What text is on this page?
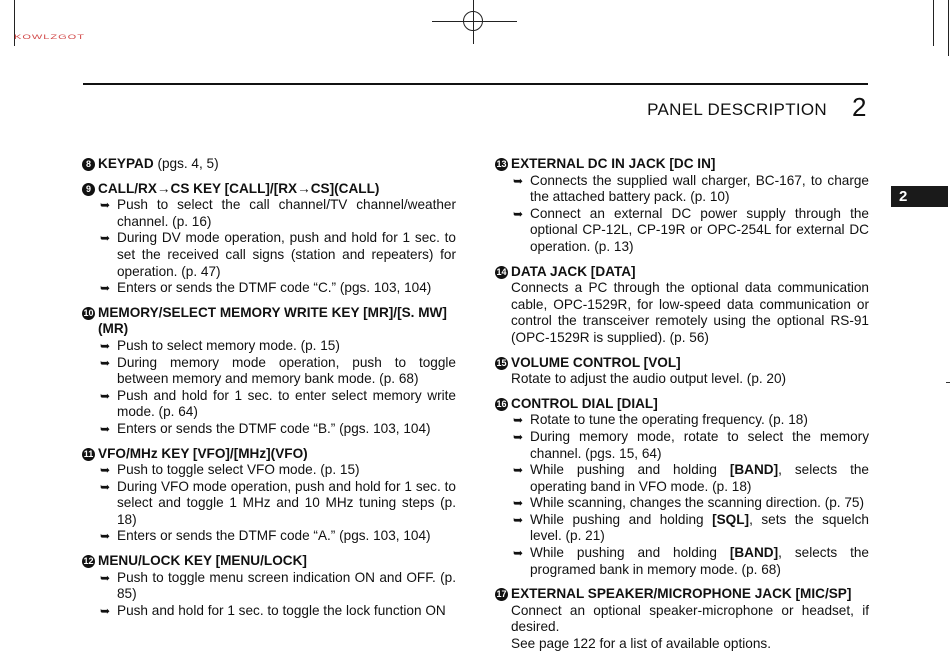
KOWLZGOT
PANEL DESCRIPTION 2
2
8 KEYPAD (pgs. 4, 5)
9 CALL/RX→CS KEY [CALL]/[RX→CS](CALL)
➥ Push to select the call channel/TV channel/weather channel. (p. 16)
➥ During DV mode operation, push and hold for 1 sec. to set the received call signs (station and repeaters) for operation. (p. 47)
➥ Enters or sends the DTMF code “C.” (pgs. 103, 104)
10 MEMORY/SELECT MEMORY WRITE KEY [MR]/[S. MW](MR)
➥ Push to select memory mode. (p. 15)
➥ During memory mode operation, push to toggle between memory and memory bank mode. (p. 68)
➥ Push and hold for 1 sec. to enter select memory write mode. (p. 64)
➥ Enters or sends the DTMF code “B.” (pgs. 103, 104)
11 VFO/MHz KEY [VFO]/[MHz](VFO)
➥ Push to toggle select VFO mode. (p. 15)
➥ During VFO mode operation, push and hold for 1 sec. to select and toggle 1 MHz and 10 MHz tuning steps (p. 18)
➥ Enters or sends the DTMF code “A.” (pgs. 103, 104)
12 MENU/LOCK KEY [MENU/LOCK]
➥ Push to toggle menu screen indication ON and OFF. (p. 85)
➥ Push and hold for 1 sec. to toggle the lock function ON
13 EXTERNAL DC IN JACK [DC IN]
➥ Connects the supplied wall charger, BC-167, to charge the attached battery pack. (p. 10)
➥ Connect an external DC power supply through the optional CP-12L, CP-19R or OPC-254L for external DC operation. (p. 13)
14 DATA JACK [DATA]
Connects a PC through the optional data communication cable, OPC-1529R, for low-speed data communication or control the transceiver remotely using the optional RS-91 (OPC-1529R is supplied). (p. 56)
15 VOLUME CONTROL [VOL]
Rotate to adjust the audio output level. (p. 20)
16 CONTROL DIAL [DIAL]
➥ Rotate to tune the operating frequency. (p. 18)
➥ During memory mode, rotate to select the memory channel. (pgs. 15, 64)
➥ While pushing and holding [BAND], selects the operating band in VFO mode. (p. 18)
➥ While scanning, changes the scanning direction. (p. 75)
➥ While pushing and holding [SQL], sets the squelch level. (p. 21)
➥ While pushing and holding [BAND], selects the programed bank in memory mode. (p. 68)
17 EXTERNAL SPEAKER/MICROPHONE JACK [MIC/SP]
Connect an optional speaker-microphone or headset, if desired.
See page 122 for a list of available options.
